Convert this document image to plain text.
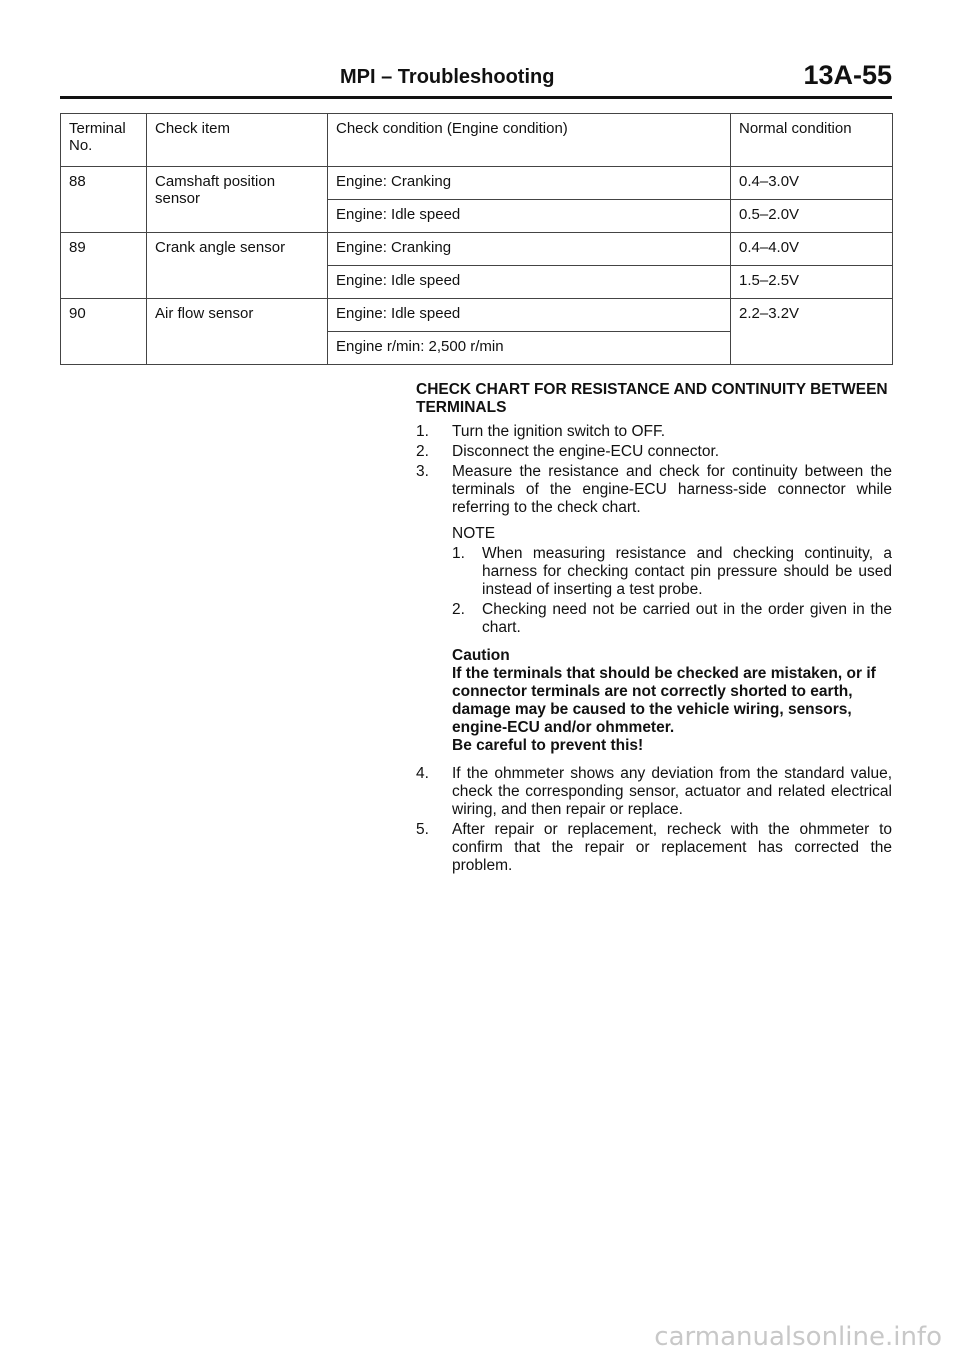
MPI – Troubleshooting	13A-55
Terminal No.	Check item	Check condition (Engine condition)	Normal condition
88	Camshaft position sensor	Engine: Cranking	0.4–3.0V
		Engine: Idle speed	0.5–2.0V
89	Crank angle sensor	Engine: Cranking	0.4–4.0V
		Engine: Idle speed	1.5–2.5V
90	Air flow sensor	Engine: Idle speed	2.2–3.2V
		Engine r/min: 2,500 r/min	
CHECK CHART FOR RESISTANCE AND CONTINUITY BETWEEN TERMINALS
1. Turn the ignition switch to OFF.
2. Disconnect the engine-ECU connector.
3. Measure the resistance and check for continuity between the terminals of the engine-ECU harness-side connector while referring to the check chart.
NOTE
1. When measuring resistance and checking continuity, a harness for checking contact pin pressure should be used instead of inserting a test probe.
2. Checking need not be carried out in the order given in the chart.
Caution
If the terminals that should be checked are mistaken, or if connector terminals are not correctly shorted to earth, damage may be caused to the vehicle wiring, sensors, engine-ECU and/or ohmmeter.
Be careful to prevent this!
4. If the ohmmeter shows any deviation from the standard value, check the corresponding sensor, actuator and related electrical wiring, and then repair or replace.
5. After repair or replacement, recheck with the ohmmeter to confirm that the repair or replacement has corrected the problem.
carmanualsonline.info
